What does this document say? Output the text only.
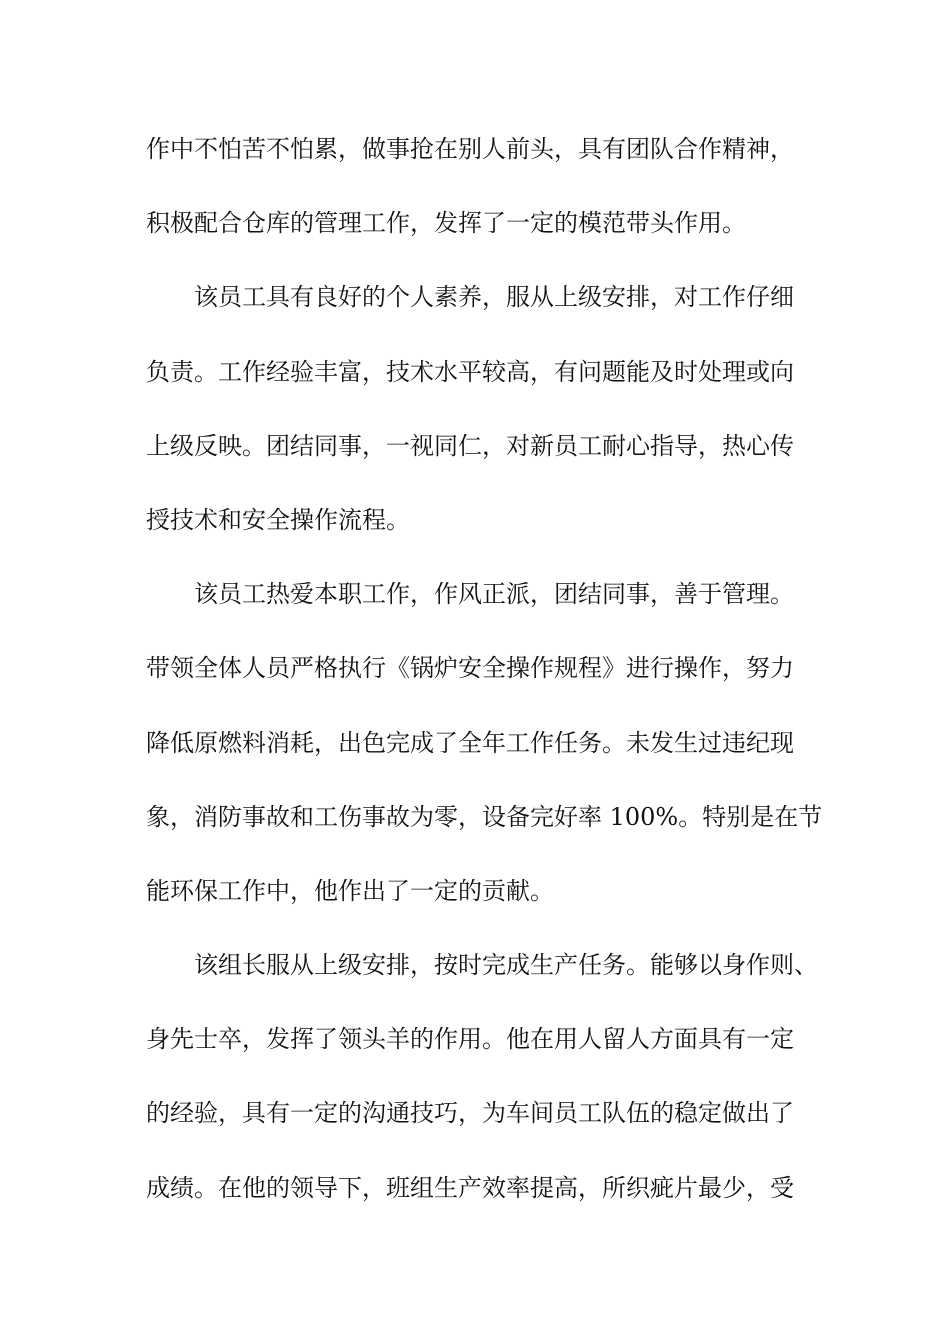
作中不怕苦不怕累，做事抢在别人前头，具有团队合作精神，
积极配合仓库的管理工作，发挥了一定的模范带头作用。
该员工具有良好的个人素养，服从上级安排，对工作仔细
负责。工作经验丰富，技术水平较高，有问题能及时处理或向
上级反映。团结同事，一视同仁，对新员工耐心指导，热心传
授技术和安全操作流程。
该员工热爱本职工作，作风正派，团结同事，善于管理。
带领全体人员严格执行《锅炉安全操作规程》进行操作，努力
降低原燃料消耗，出色完成了全年工作任务。未发生过违纪现
象，消防事故和工伤事故为零，设备完好率 100%。特别是在节
能环保工作中，他作出了一定的贡献。
该组长服从上级安排，按时完成生产任务。能够以身作则、
身先士卒，发挥了领头羊的作用。他在用人留人方面具有一定
的经验，具有一定的沟通技巧，为车间员工队伍的稳定做出了
成绩。在他的领导下，班组生产效率提高，所织疵片最少，受
